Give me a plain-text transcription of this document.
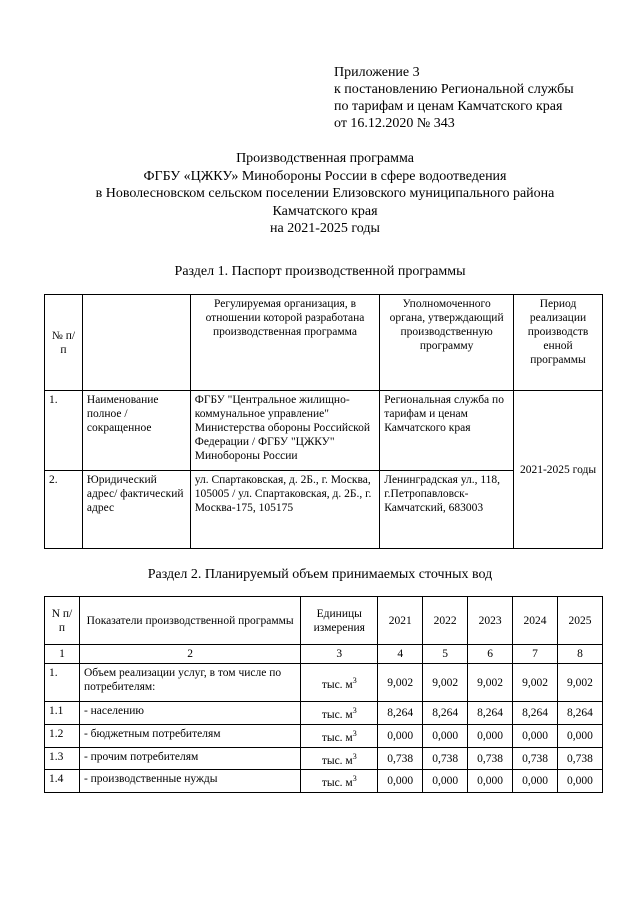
Приложение 3
к постановлению Региональной службы
по тарифам и ценам Камчатского края
от 16.12.2020 № 343
Производственная программа
ФГБУ «ЦЖКУ» Минобороны России в сфере водоотведения
в Новолесновском сельском поселении Елизовского муниципального района
Камчатского края
на 2021-2025 годы
Раздел 1. Паспорт производственной программы
№ п/п		Регулируемая организация, в отношении которой разработана производственная программа	Уполномоченного органа, утверждающий производственную программу	Период реализации производств енной программы
1.	Наименование полное / сокращенное	ФГБУ "Центральное жилищно-коммунальное управление" Министерства обороны Российской Федерации / ФГБУ "ЦЖКУ" Минобороны России	Региональная служба по тарифам и ценам Камчатского края	2021-2025 годы
2.	Юридический адрес/ фактический адрес	ул. Спартаковская, д. 2Б., г. Москва, 105005 / ул. Спартаковская, д. 2Б., г. Москва-175, 105175	Ленинградская ул., 118, г.Петропавловск-Камчатский, 683003	
Раздел 2. Планируемый объем принимаемых сточных вод
N п/п	Показатели производственной программы	Единицы измерения	2021	2022	2023	2024	2025
1	2	3	4	5	6	7	8
1.	Объем реализации услуг, в том числе по потребителям:	тыс. $м^3$	9,002	9,002	9,002	9,002	9,002
1.1	- населению	тыс. $м^3$	8,264	8,264	8,264	8,264	8,264
1.2	- бюджетным потребителям	тыс. $м^3$	0,000	0,000	0,000	0,000	0,000
1.3	- прочим потребителям	тыс. $м^3$	0,738	0,738	0,738	0,738	0,738
1.4	- производственные нужды	тыс. $м^3$	0,000	0,000	0,000	0,000	0,000
